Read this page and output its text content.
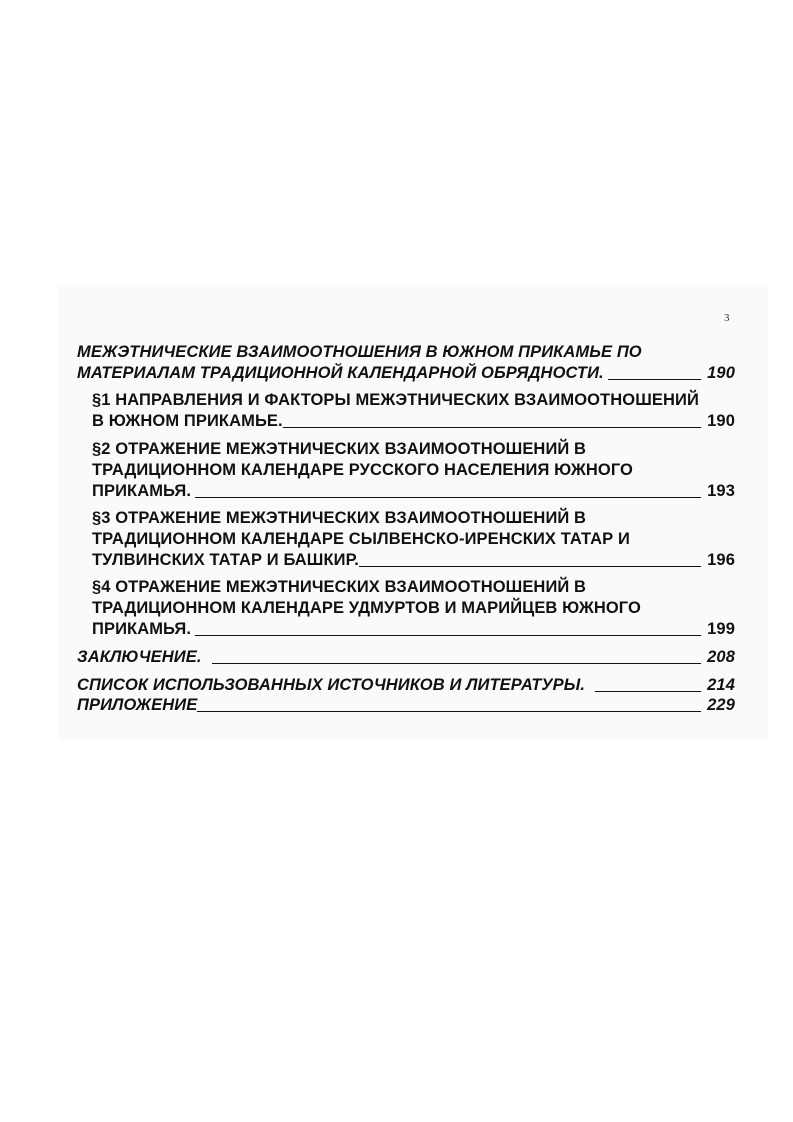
3
МЕЖЭТНИЧЕСКИЕ ВЗАИМООТНОШЕНИЯ В ЮЖНОМ ПРИКАМЬЕ ПО
МАТЕРИАЛАМ ТРАДИЦИОННОЙ КАЛЕНДАРНОЙ ОБРЯДНОСТИ.	190
§1 НАПРАВЛЕНИЯ И ФАКТОРЫ МЕЖЭТНИЧЕСКИХ ВЗАИМООТНОШЕНИЙ
В ЮЖНОМ ПРИКАМЬЕ.	190
§2 ОТРАЖЕНИЕ МЕЖЭТНИЧЕСКИХ ВЗАИМООТНОШЕНИЙ В
ТРАДИЦИОННОМ КАЛЕНДАРЕ РУССКОГО НАСЕЛЕНИЯ ЮЖНОГО
ПРИКАМЬЯ.	193
§3 ОТРАЖЕНИЕ МЕЖЭТНИЧЕСКИХ ВЗАИМООТНОШЕНИЙ В
ТРАДИЦИОННОМ КАЛЕНДАРЕ СЫЛВЕНСКО-ИРЕНСКИХ ТАТАР И
ТУЛВИНСКИХ ТАТАР И БАШКИР.	196
§4 ОТРАЖЕНИЕ МЕЖЭТНИЧЕСКИХ ВЗАИМООТНОШЕНИЙ В
ТРАДИЦИОННОМ КАЛЕНДАРЕ УДМУРТОВ И МАРИЙЦЕВ ЮЖНОГО
ПРИКАМЬЯ.	199
ЗАКЛЮЧЕНИЕ.	208
СПИСОК ИСПОЛЬЗОВАННЫХ ИСТОЧНИКОВ И ЛИТЕРАТУРЫ.	214
ПРИЛОЖЕНИЕ	229
